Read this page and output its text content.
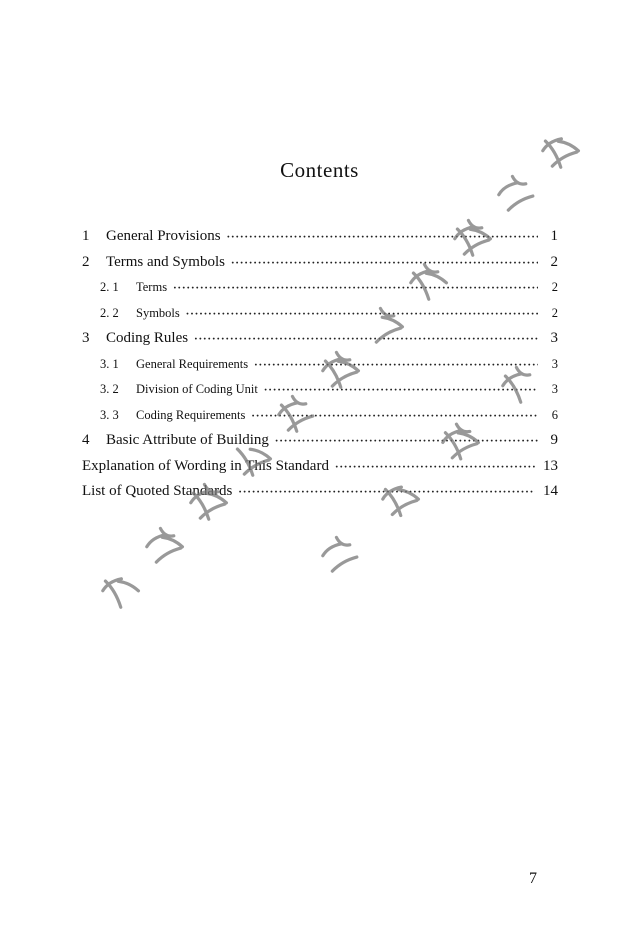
Contents
1	General Provisions ·····	1
2	Terms and Symbols ·····	2
2. 1	Terms ·····	2
2. 2	Symbols ·····	2
3	Coding Rules ·····	3
3. 1	General Requirements ·····	3
3. 2	Division of Coding Unit ·····	3
3. 3	Coding Requirements ·····	6
4	Basic Attribute of Building ·····	9
Explanation of Wording in This Standard ·····	13
List of Quoted Standards ·····	14
7
